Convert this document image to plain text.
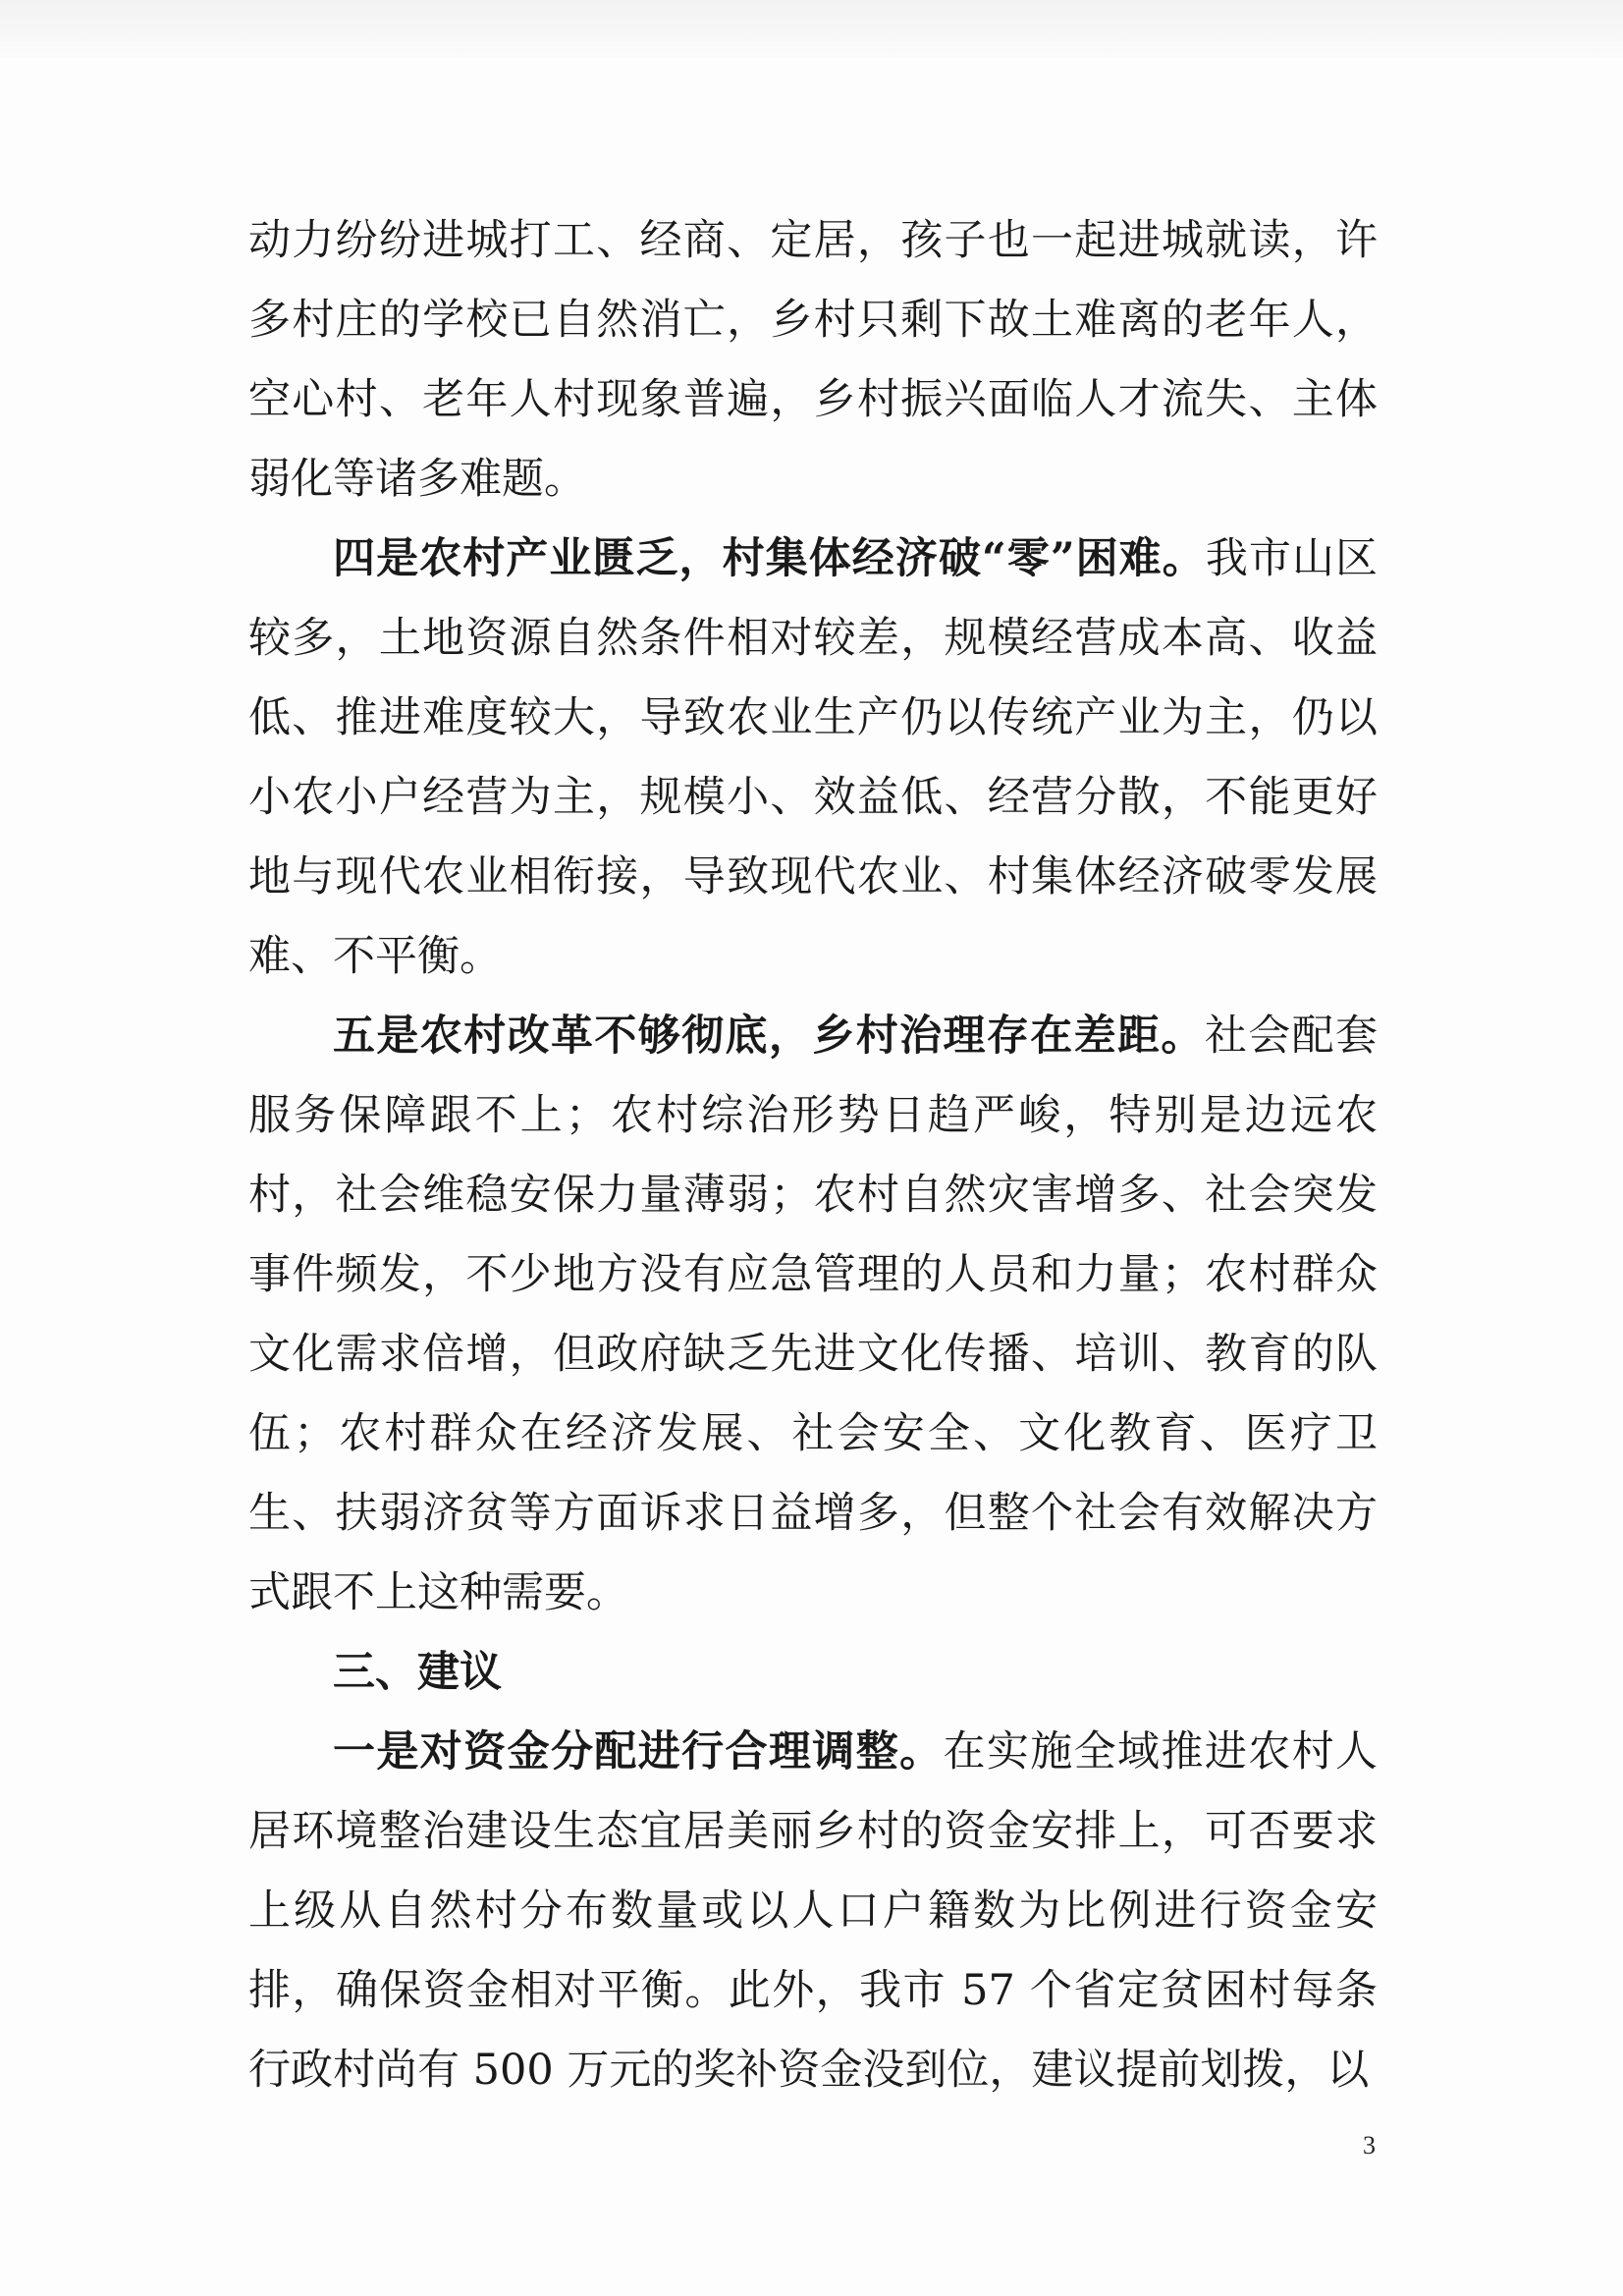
动力纷纷进城打工、经商、定居，孩子也一起进城就读，许多村庄的学校已自然消亡，乡村只剩下故土难离的老年人，空心村、老年人村现象普遍，乡村振兴面临人才流失、主体弱化等诸多难题。

四是农村产业匮乏，村集体经济破“零”困难。我市山区较多，土地资源自然条件相对较差，规模经营成本高、收益低、推进难度较大，导致农业生产仍以传统产业为主，仍以小农小户经营为主，规模小、效益低、经营分散，不能更好地与现代农业相衔接，导致现代农业、村集体经济破零发展难、不平衡。

五是农村改革不够彻底，乡村治理存在差距。社会配套服务保障跟不上；农村综治形势日趋严峻，特别是边远农村，社会维稳安保力量薄弱；农村自然灾害增多、社会突发事件频发，不少地方没有应急管理的人员和力量；农村群众文化需求倍增，但政府缺乏先进文化传播、培训、教育的队伍；农村群众在经济发展、社会安全、文化教育、医疗卫生、扶弱济贫等方面诉求日益增多，但整个社会有效解决方式跟不上这种需要。

三、建议

一是对资金分配进行合理调整。在实施全域推进农村人居环境整治建设生态宜居美丽乡村的资金安排上，可否要求上级从自然村分布数量或以人口户籍数为比例进行资金安排，确保资金相对平衡。此外，我市 57 个省定贫困村每条行政村尚有 500 万元的奖补资金没到位，建议提前划拨，以

3
